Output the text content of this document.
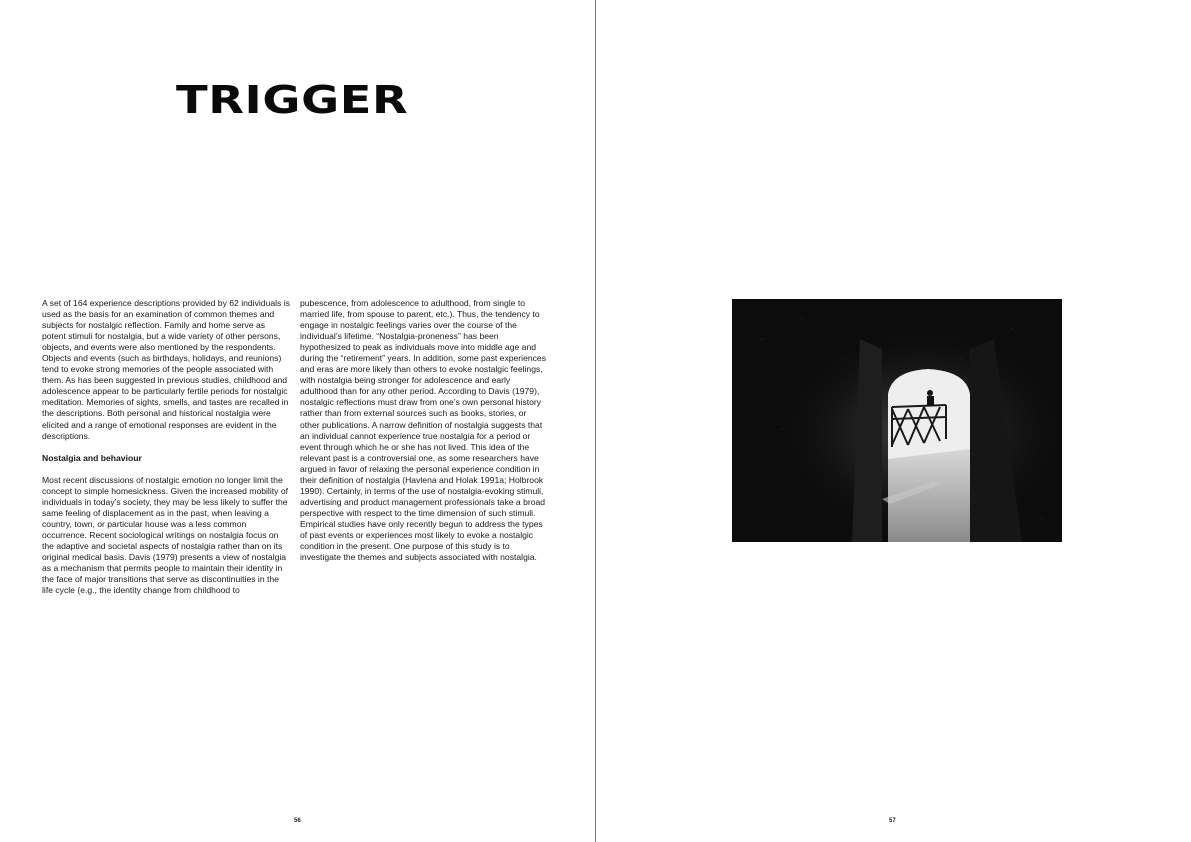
TRIGGER

A set of 164 experience descriptions provided by 62 individuals is used as the basis for an examination of common themes and subjects for nostalgic reflection. Family and home serve as potent stimuli for nostalgia, but a wide variety of other persons, objects, and events were also mentioned by the respondents. Objects and events (such as birthdays, holidays, and reunions) tend to evoke strong memories of the people associated with them. As has been suggested in previous studies, childhood and adolescence appear to be particularly fertile periods for nostalgic meditation. Memories of sights, smells, and tastes are recalled in the descriptions. Both personal and historical nostalgia were elicited and a range of emotional responses are evident in the descriptions.

Nostalgia and behaviour

Most recent discussions of nostalgic emotion no longer limit the concept to simple homesickness. Given the increased mobility of individuals in today’s society, they may be less likely to suffer the same feeling of displacement as in the past, when leaving a country, town, or particular house was a less common occurrence. Recent sociological writings on nostalgia focus on the adaptive and societal aspects of nostalgia rather than on its original medical basis. Davis (1979) presents a view of nostalgia as a mechanism that permits people to maintain their identity in the face of major transitions that serve as discontinuities in the life cycle (e.g., the identity change from childhood to

pubescence, from adolescence to adulthood, from single to married life, from spouse to parent, etc.). Thus, the tendency to engage in nostalgic feelings varies over the course of the individual’s lifetime. “Nostalgia-proneness” has been hypothesized to peak as individuals move into middle age and during the “retirement” years. In addition, some past experiences and eras are more likely than others to evoke nostalgic feelings, with nostalgia being stronger for adolescence and early adulthood than for any other period. According to Davis (1979), nostalgic reflections must draw from one’s own personal history rather than from external sources such as books, stories, or other publications. A narrow definition of nostalgia suggests that an individual cannot experience true nostalgia for a period or event through which he or she has not lived. This idea of the relevant past is a controversial one, as some researchers have argued in favor of relaxing the personal experience condition in their definition of nostalgia (Havlena and Holak 1991a; Holbrook 1990). Certainly, in terms of the use of nostalgia-evoking stimuli, advertising and product management professionals take a broad perspective with respect to the time dimension of such stimuli. Empirical studies have only recently begun to address the types of past events or experiences most likely to evoke a nostalgic condition in the present. One purpose of this study is to investigate the themes and subjects associated with nostalgia.

56	57
